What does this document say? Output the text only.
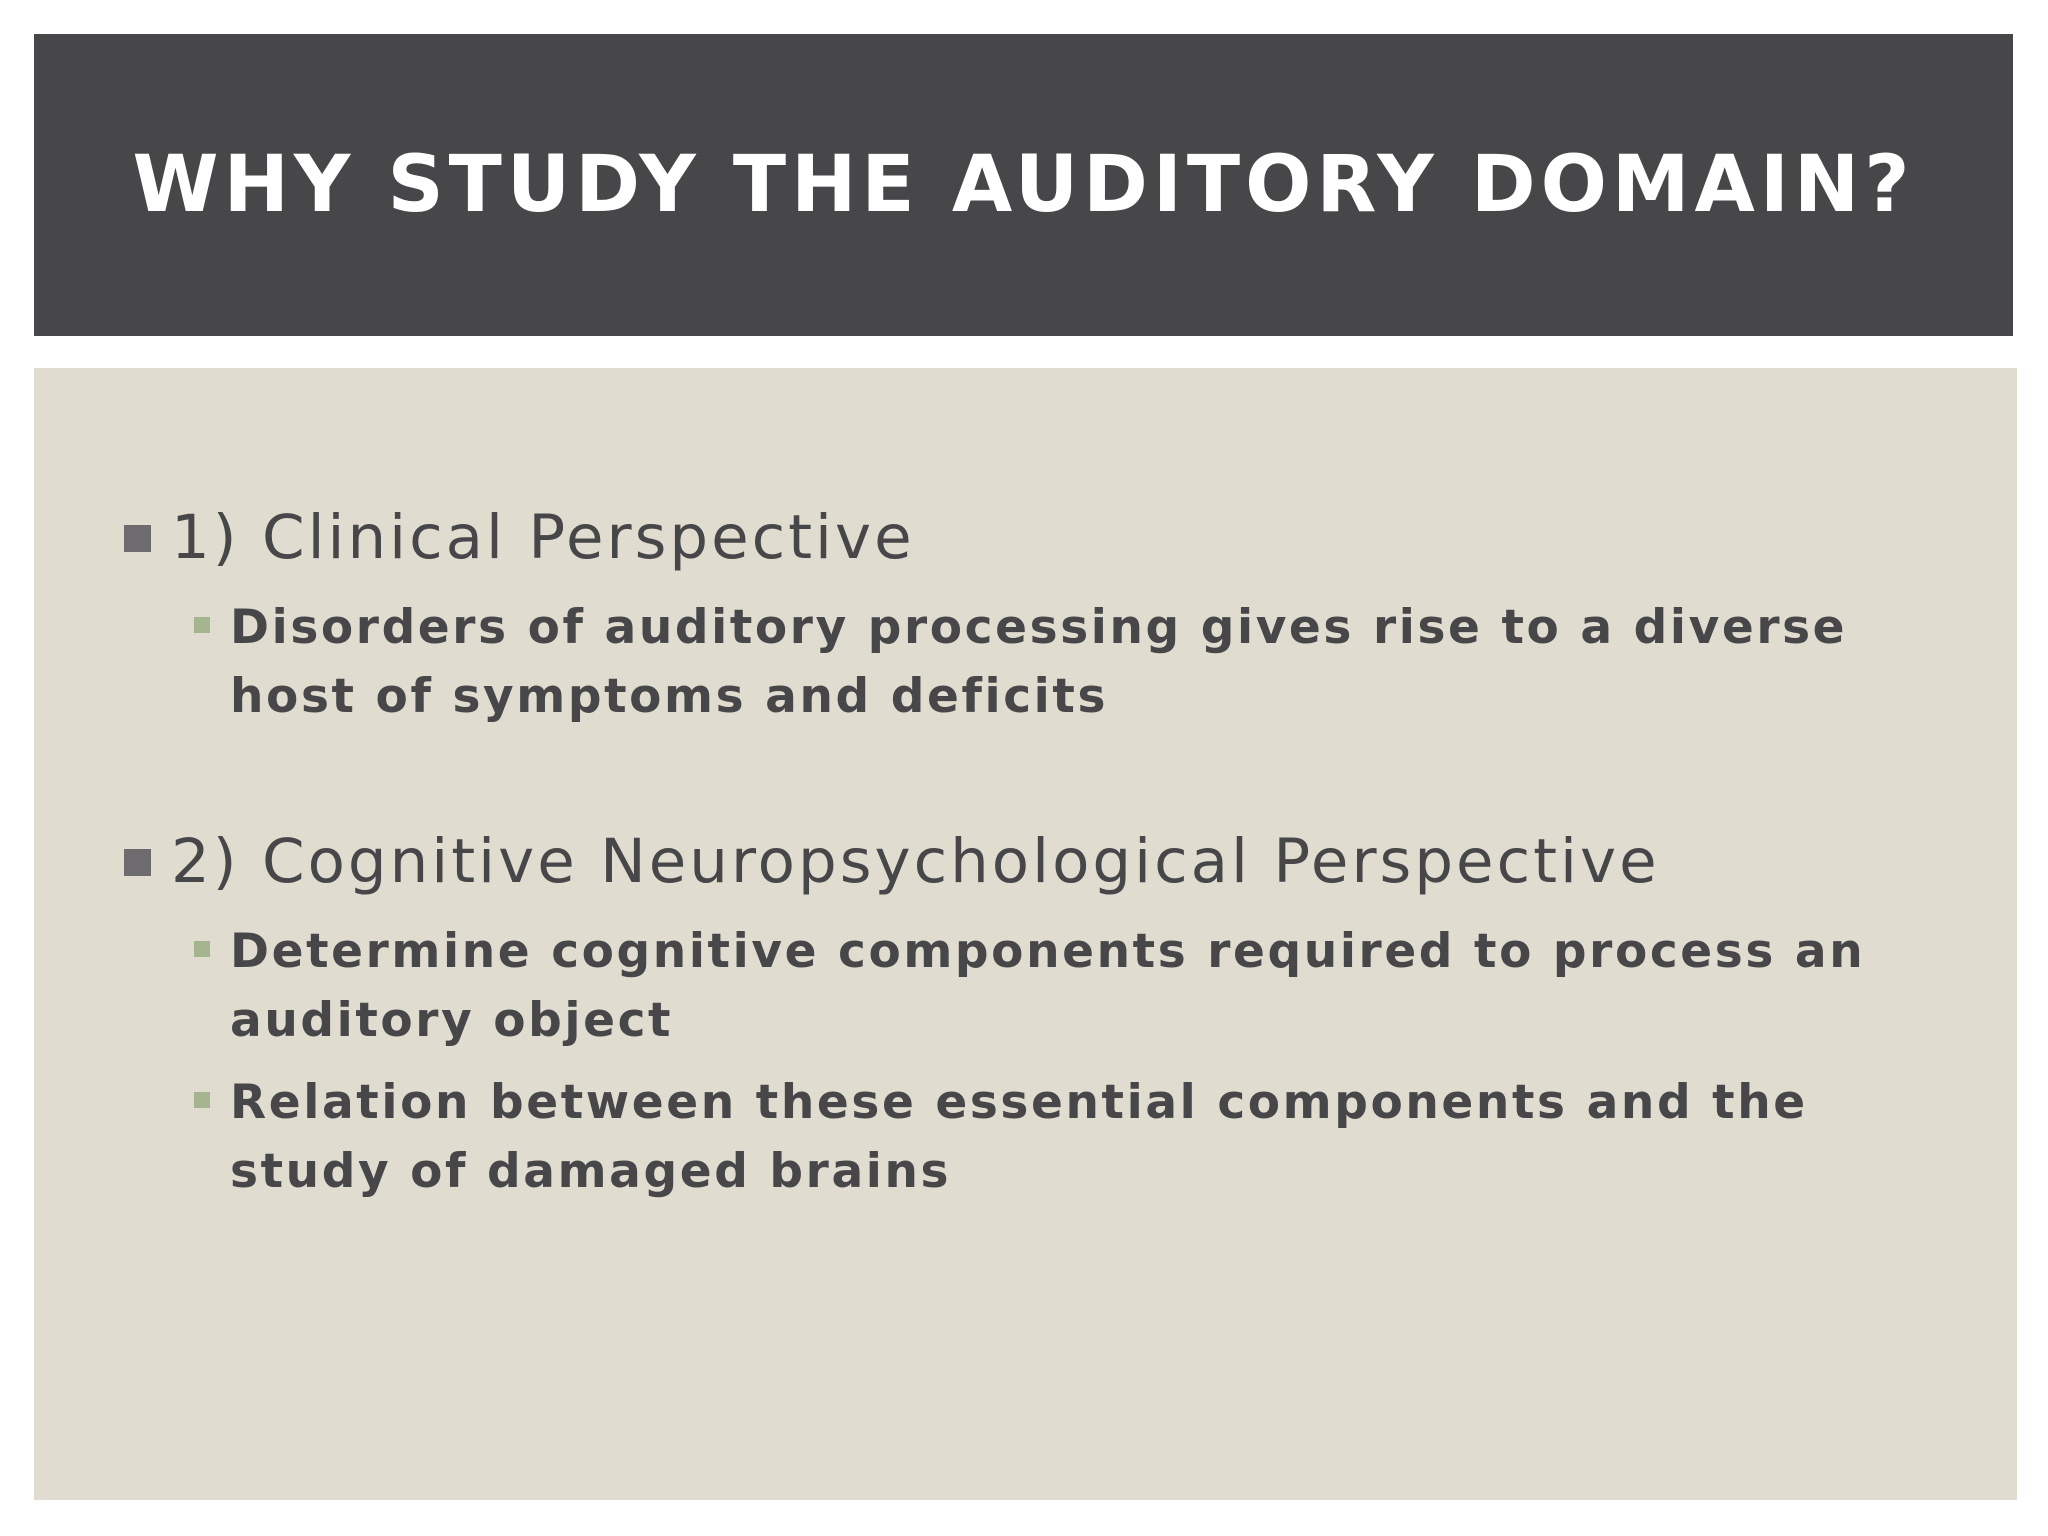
WHY STUDY THE AUDITORY DOMAIN?
1) Clinical Perspective
Disorders of auditory processing gives rise to a diverse host of symptoms and deficits
2) Cognitive Neuropsychological Perspective
Determine cognitive components required to process an auditory object
Relation between these essential components and the study of damaged brains
